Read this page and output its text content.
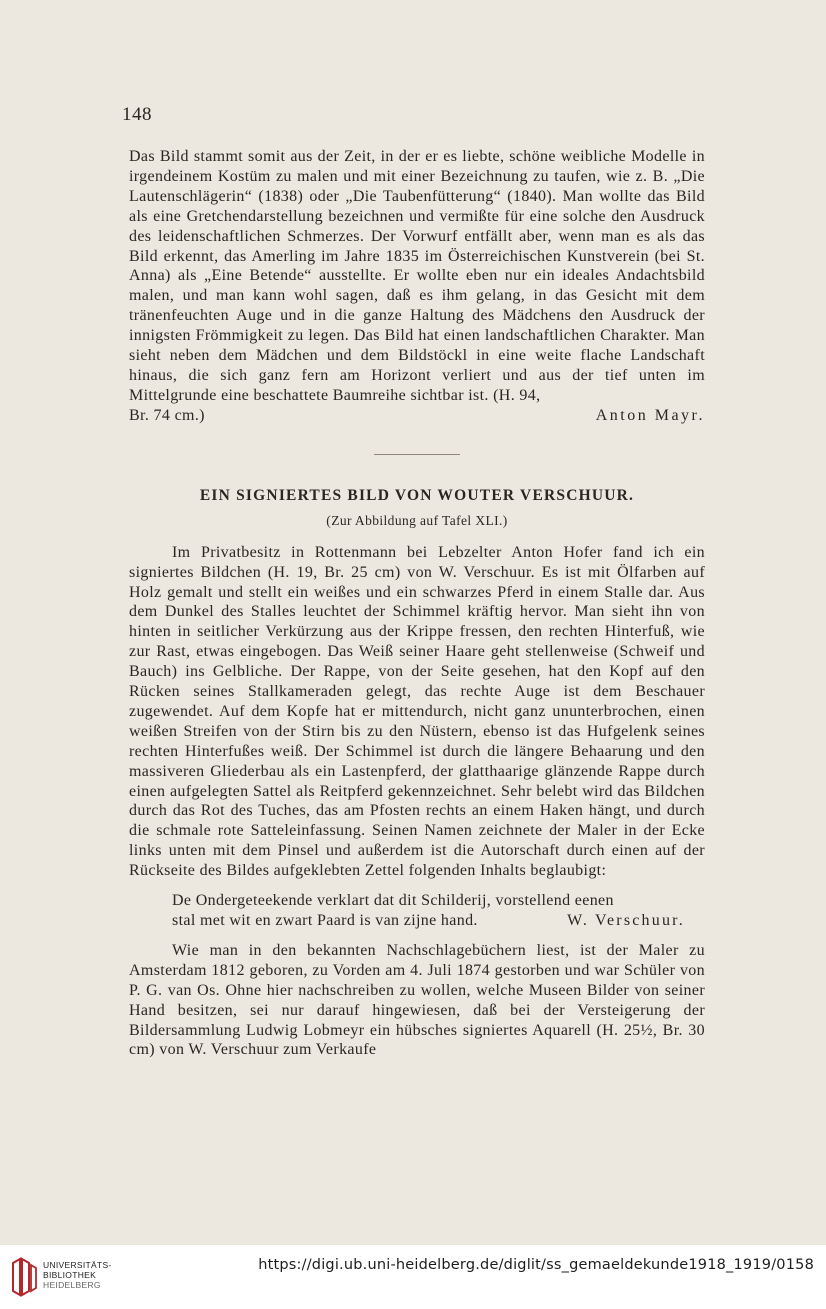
148

Das Bild stammt somit aus der Zeit, in der er es liebte, schöne weibliche Modelle in irgendeinem Kostüm zu malen und mit einer Bezeichnung zu taufen, wie z. B. „Die Lautenschlägerin“ (1838) oder „Die Taubenfütterung“ (1840). Man wollte das Bild als eine Gretchendarstellung bezeichnen und vermißte für eine solche den Ausdruck des leidenschaftlichen Schmerzes. Der Vorwurf entfällt aber, wenn man es als das Bild erkennt, das Amerling im Jahre 1835 im Österreichischen Kunstverein (bei St. Anna) als „Eine Betende“ ausstellte. Er wollte eben nur ein ideales Andachtsbild malen, und man kann wohl sagen, daß es ihm gelang, in das Gesicht mit dem tränenfeuchten Auge und in die ganze Haltung des Mädchens den Ausdruck der innigsten Frömmigkeit zu legen. Das Bild hat einen landschaftlichen Charakter. Man sieht neben dem Mädchen und dem Bildstöckl in eine weite flache Landschaft hinaus, die sich ganz fern am Horizont verliert und aus der tief unten im Mittelgrunde eine beschattete Baumreihe sichtbar ist. (H. 94,

Br. 74 cm.)	Anton Mayr.
EIN SIGNIERTES BILD VON WOUTER VERSCHUUR.

(Zur Abbildung auf Tafel XLI.)

Im Privatbesitz in Rottenmann bei Lebzelter Anton Hofer fand ich ein signiertes Bildchen (H. 19, Br. 25 cm) von W. Verschuur. Es ist mit Ölfarben auf Holz gemalt und stellt ein weißes und ein schwarzes Pferd in einem Stalle dar. Aus dem Dunkel des Stalles leuchtet der Schimmel kräftig hervor. Man sieht ihn von hinten in seitlicher Verkürzung aus der Krippe fressen, den rechten Hinterfuß, wie zur Rast, etwas eingebogen. Das Weiß seiner Haare geht stellenweise (Schweif und Bauch) ins Gelbliche. Der Rappe, von der Seite gesehen, hat den Kopf auf den Rücken seines Stallkameraden gelegt, das rechte Auge ist dem Beschauer zugewendet. Auf dem Kopfe hat er mittendurch, nicht ganz ununterbrochen, einen weißen Streifen von der Stirn bis zu den Nüstern, ebenso ist das Hufgelenk seines rechten Hinterfußes weiß. Der Schimmel ist durch die längere Behaarung und den massiveren Gliederbau als ein Lastenpferd, der glatthaarige glänzende Rappe durch einen aufgelegten Sattel als Reitpferd gekennzeichnet. Sehr belebt wird das Bildchen durch das Rot des Tuches, das am Pfosten rechts an einem Haken hängt, und durch die schmale rote Satteleinfassung. Seinen Namen zeichnete der Maler in der Ecke links unten mit dem Pinsel und außerdem ist die Autorschaft durch einen auf der Rückseite des Bildes aufgeklebten Zettel folgenden Inhalts beglaubigt:

De Ondergeteekende verklart dat dit Schilderij, vorstellend eenen

stal met wit en zwart Paard is van zijne hand.	W. Verschuur.

Wie man in den bekannten Nachschlagebüchern liest, ist der Maler zu Amsterdam 1812 geboren, zu Vorden am 4. Juli 1874 gestorben und war Schüler von P. G. van Os. Ohne hier nachschreiben zu wollen, welche Museen Bilder von seiner Hand besitzen, sei nur darauf hingewiesen, daß bei der Versteigerung der Bildersammlung Ludwig Lobmeyr ein hübsches signiertes Aquarell (H. 25½, Br. 30 cm) von W. Verschuur zum Verkaufe

UNIVERSITÄTS-
BIBLIOTHEK
HEIDELBERG
https://digi.ub.uni-heidelberg.de/diglit/ss_gemaeldekunde1918_1919/0158
